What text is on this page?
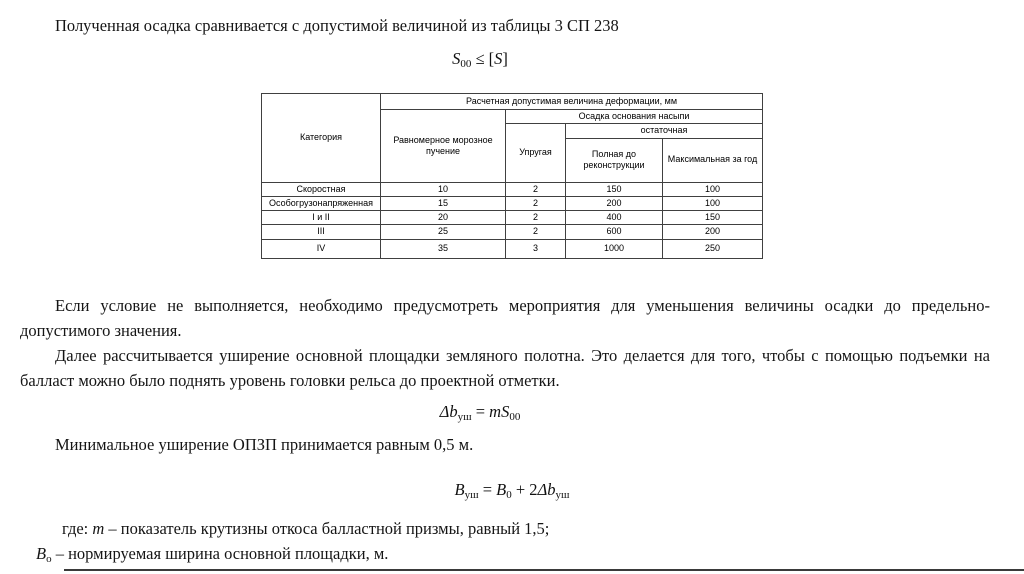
Полученная осадка сравнивается с допустимой величиной из таблицы 3 СП 238

$S_{00} \le [S]$
Категория	Расчетная допустимая величина деформации, мм			
	Равномерное морозное пучение	Осадка основания насыпи		
		Упругая	остаточная	
			Полная до реконструкции	Максимальная за год
Скоростная	10	2	150	100
Особогрузонапряженная	15	2	200	100
I и II	20	2	400	150
III	25	2	600	200
IV	35	3	1000	250

Если условие не выполняется, необходимо предусмотреть мероприятия для уменьшения величины осадки до предельно-допустимого значения.

Далее рассчитывается уширение основной площадки земляного полотна. Это делается для того, чтобы с помощью подъемки на балласт можно было поднять уровень головки рельса до проектной отметки.

$\Delta b_{уш} = mS_{00}$

Минимальное уширение ОПЗП принимается равным 0,5 м.

$B_{уш} = B_0 + 2\Delta b_{уш}$

где: m – показатель крутизны откоса балластной призмы, равный 1,5;

$B_о$ – нормируемая ширина основной площадки, м.
